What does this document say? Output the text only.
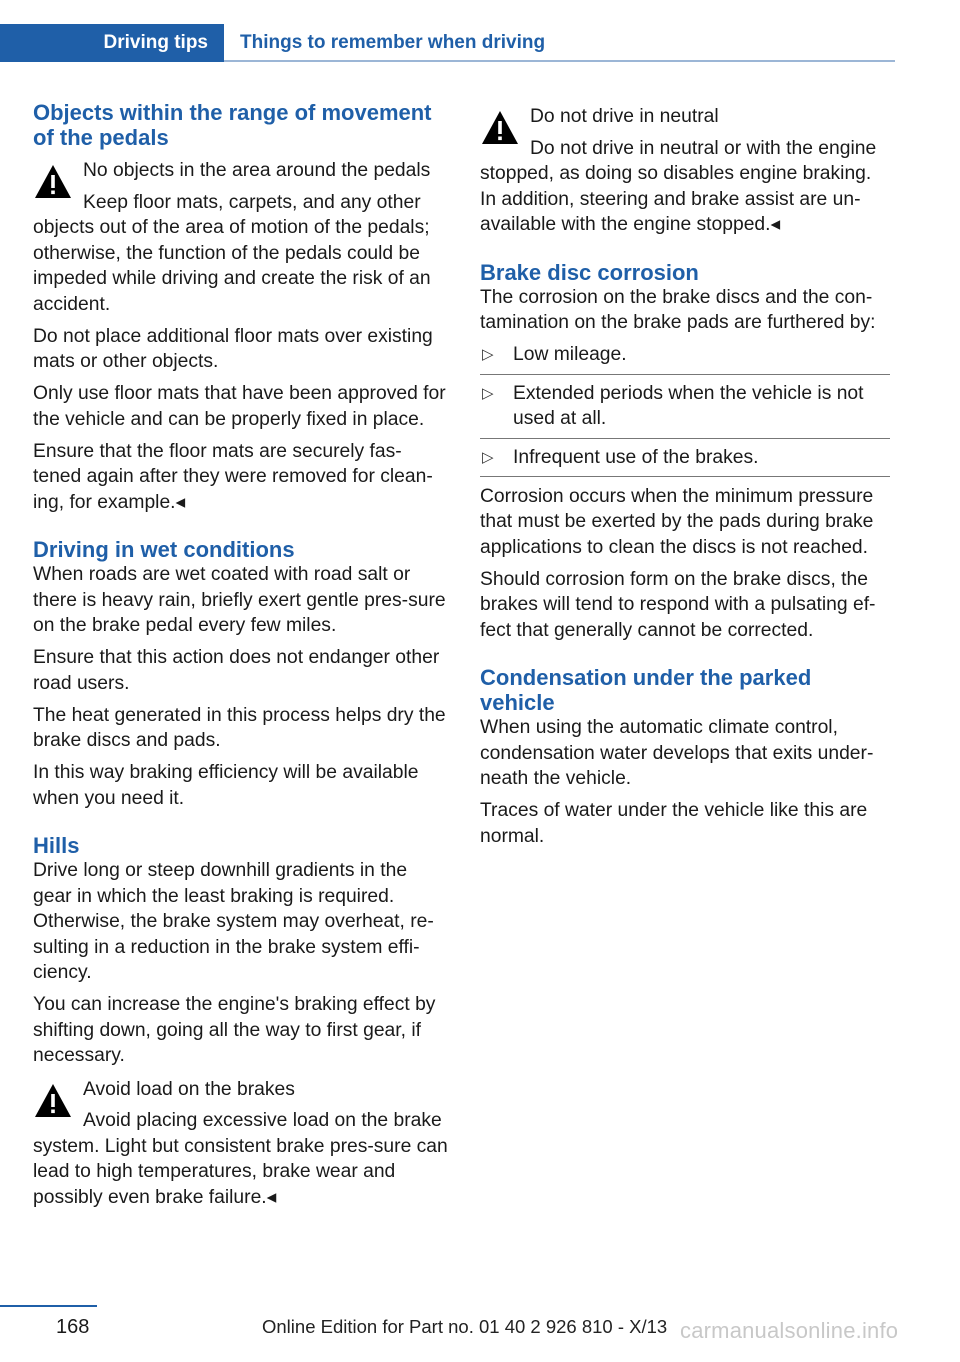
Driving tips	Things to remember when driving
Objects within the range of movement of the pedals
No objects in the area around the pedals
Keep floor mats, carpets, and any other objects out of the area of motion of the pedals; otherwise, the function of the pedals could be impeded while driving and create the risk of an accident.

Do not place additional floor mats over existing mats or other objects.

Only use floor mats that have been approved for the vehicle and can be properly fixed in place.

Ensure that the floor mats are securely fas-tened again after they were removed for clean-ing, for example.◂

Driving in wet conditions

When roads are wet coated with road salt or there is heavy rain, briefly exert gentle pres-sure on the brake pedal every few miles.

Ensure that this action does not endanger other road users.

The heat generated in this process helps dry the brake discs and pads.

In this way braking efficiency will be available when you need it.

Hills

Drive long or steep downhill gradients in the gear in which the least braking is required. Otherwise, the brake system may overheat, re-sulting in a reduction in the brake system effi-ciency.

You can increase the engine's braking effect by shifting down, going all the way to first gear, if necessary.

Avoid load on the brakes
Avoid placing excessive load on the brake system. Light but consistent brake pres-sure can lead to high temperatures, brake wear and possibly even brake failure.◂
Do not drive in neutral
Do not drive in neutral or with the engine stopped, as doing so disables engine braking. In addition, steering and brake assist are un-available with the engine stopped.◂
Brake disc corrosion

The corrosion on the brake discs and the con-tamination on the brake pads are furthered by:

▷ Low mileage.
▷ Extended periods when the vehicle is not used at all.
▷ Infrequent use of the brakes.

Corrosion occurs when the minimum pressure that must be exerted by the pads during brake applications to clean the discs is not reached.

Should corrosion form on the brake discs, the brakes will tend to respond with a pulsating ef-fect that generally cannot be corrected.

Condensation under the parked vehicle

When using the automatic climate control, condensation water develops that exits under-neath the vehicle.

Traces of water under the vehicle like this are normal.

168	Online Edition for Part no. 01 40 2 926 810 - X/13 carmanualsonline.info
